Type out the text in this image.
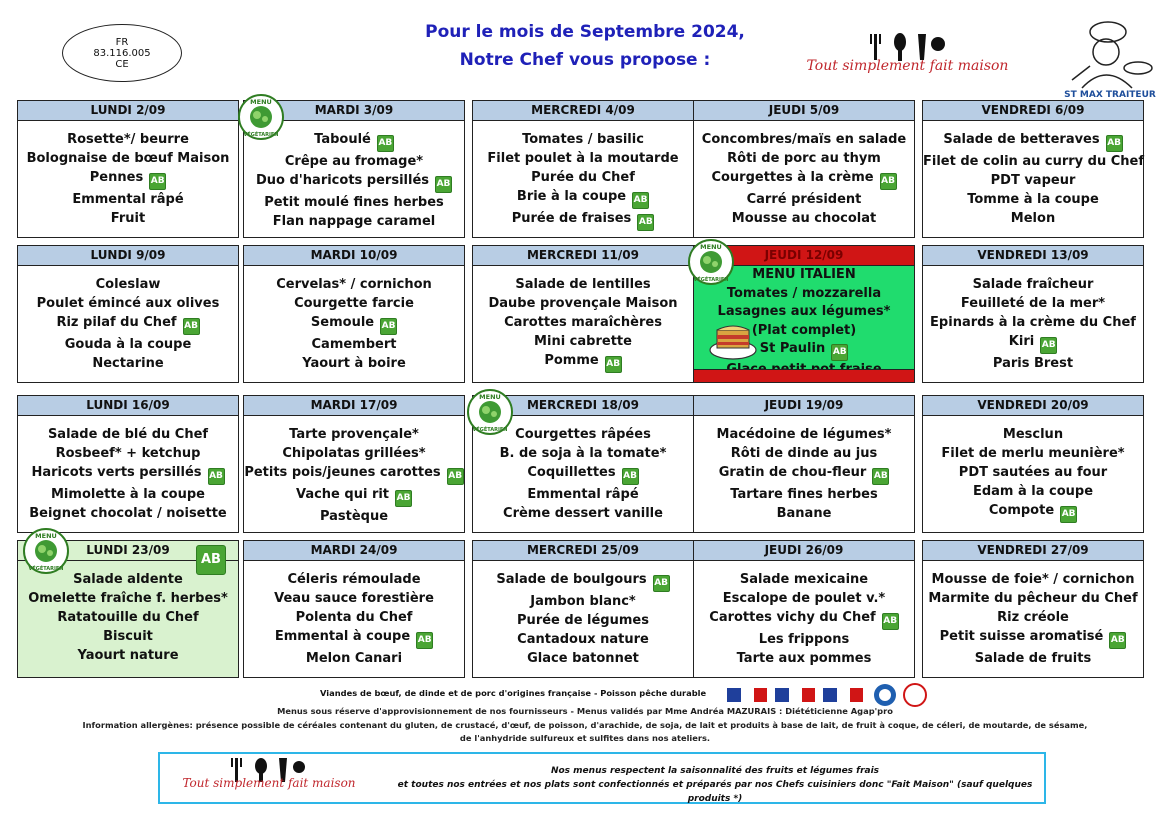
FR
83.116.005
CE
Pour le mois de Septembre 2024,
Notre Chef vous propose :	Tout simplement fait maison
ST MAX TRAITEUR
LUNDI 2/09
Rosette*/ beurre
Bolognaise de bœuf Maison
Pennes AB
Emmental râpé
Fruit
MARDI 3/09
Taboulé AB
Crêpe au fromage*
Duo d'haricots persillés AB
Petit moulé fines herbes
Flan nappage caramel
MENU
VÉGÉTARIEN
MERCREDI 4/09
Tomates / basilic
Filet poulet à la moutarde
Purée du Chef
Brie à la coupe AB
Purée de fraises AB
JEUDI 5/09
Concombres/maïs en salade
Rôti de porc au thym
Courgettes à la crème AB
Carré président
Mousse au chocolat
VENDREDI 6/09
Salade de betteraves AB
Filet de colin au curry du Chef
PDT vapeur
Tomme à la coupe
Melon
LUNDI 9/09
Coleslaw
Poulet émincé aux olives
Riz pilaf du Chef AB
Gouda à la coupe
Nectarine
MARDI 10/09
Cervelas* / cornichon
Courgette farcie
Semoule AB
Camembert
Yaourt à boire
MERCREDI 11/09
Salade de lentilles
Daube provençale Maison
Carottes maraîchères
Mini cabrette
Pomme AB
JEUDI 12/09
MENU ITALIEN
Tomates / mozzarella
Lasagnes aux légumes*
(Plat complet)
St Paulin AB
MENU
VÉGÉTARIEN
VENDREDI 13/09
Salade fraîcheur
Feuilleté de la mer*
Epinards à la crème du Chef
Kiri AB
Paris Brest
LUNDI 16/09
Salade de blé du Chef
Rosbeef* + ketchup
Haricots verts persillés AB
Mimolette à la coupe
Beignet chocolat / noisette
MARDI 17/09
Tarte provençale*
Chipolatas grillées*
Petits pois/jeunes carottes AB
Vache qui rit AB
Pastèque
MERCREDI 18/09
Courgettes râpées
B. de soja à la tomate*
Coquillettes AB
Emmental râpé
Crème dessert vanille
MENU
VÉGÉTARIEN
JEUDI 19/09
Macédoine de légumes*
Rôti de dinde au jus
Gratin de chou-fleur AB
Tartare fines herbes
Banane
VENDREDI 20/09
Mesclun
Filet de merlu meunière*
PDT sautées au four
Edam à la coupe
Compote AB
LUNDI 23/09
Salade aldente
Omelette fraîche f. herbes*
Ratatouille du Chef
Biscuit
Yaourt nature
AB
MENU
VÉGÉTARIEN
MARDI 24/09
Céleris rémoulade
Veau sauce forestière
Polenta du Chef
Emmental à coupe AB
Melon Canari
MERCREDI 25/09
Salade de boulgours AB
Jambon blanc*
Purée de légumes
Cantadoux nature
Glace batonnet
JEUDI 26/09
Salade mexicaine
Escalope de poulet v.*
Carottes vichy du Chef AB
Les frippons
Tarte aux pommes
VENDREDI 27/09
Mousse de foie* / cornichon
Marmite du pêcheur du Chef
Riz créole
Petit suisse aromatisé AB
Salade de fruits
Viandes de bœuf, de dinde et de porc d'origines française - Poisson pêche durable
Menus sous réserve d'approvisionnement de nos fournisseurs - Menus validés par Mme Andréa MAZURAIS : Diététicienne Agap'pro
Information allergènes: présence possible de céréales contenant du gluten, de crustacé, d'œuf, de poisson, d'arachide, de soja, de lait et produits à base de lait, de fruit à coque, de céleri, de moutarde, de sésame,
de l'anhydride sulfureux et sulfites dans nos ateliers.
Tout simplement fait maison
Nos menus respectent la saisonnalité des fruits et légumes frais
et toutes nos entrées et nos plats sont confectionnés et préparés par nos Chefs cuisiniers donc "Fait Maison" (sauf quelques produits *)
